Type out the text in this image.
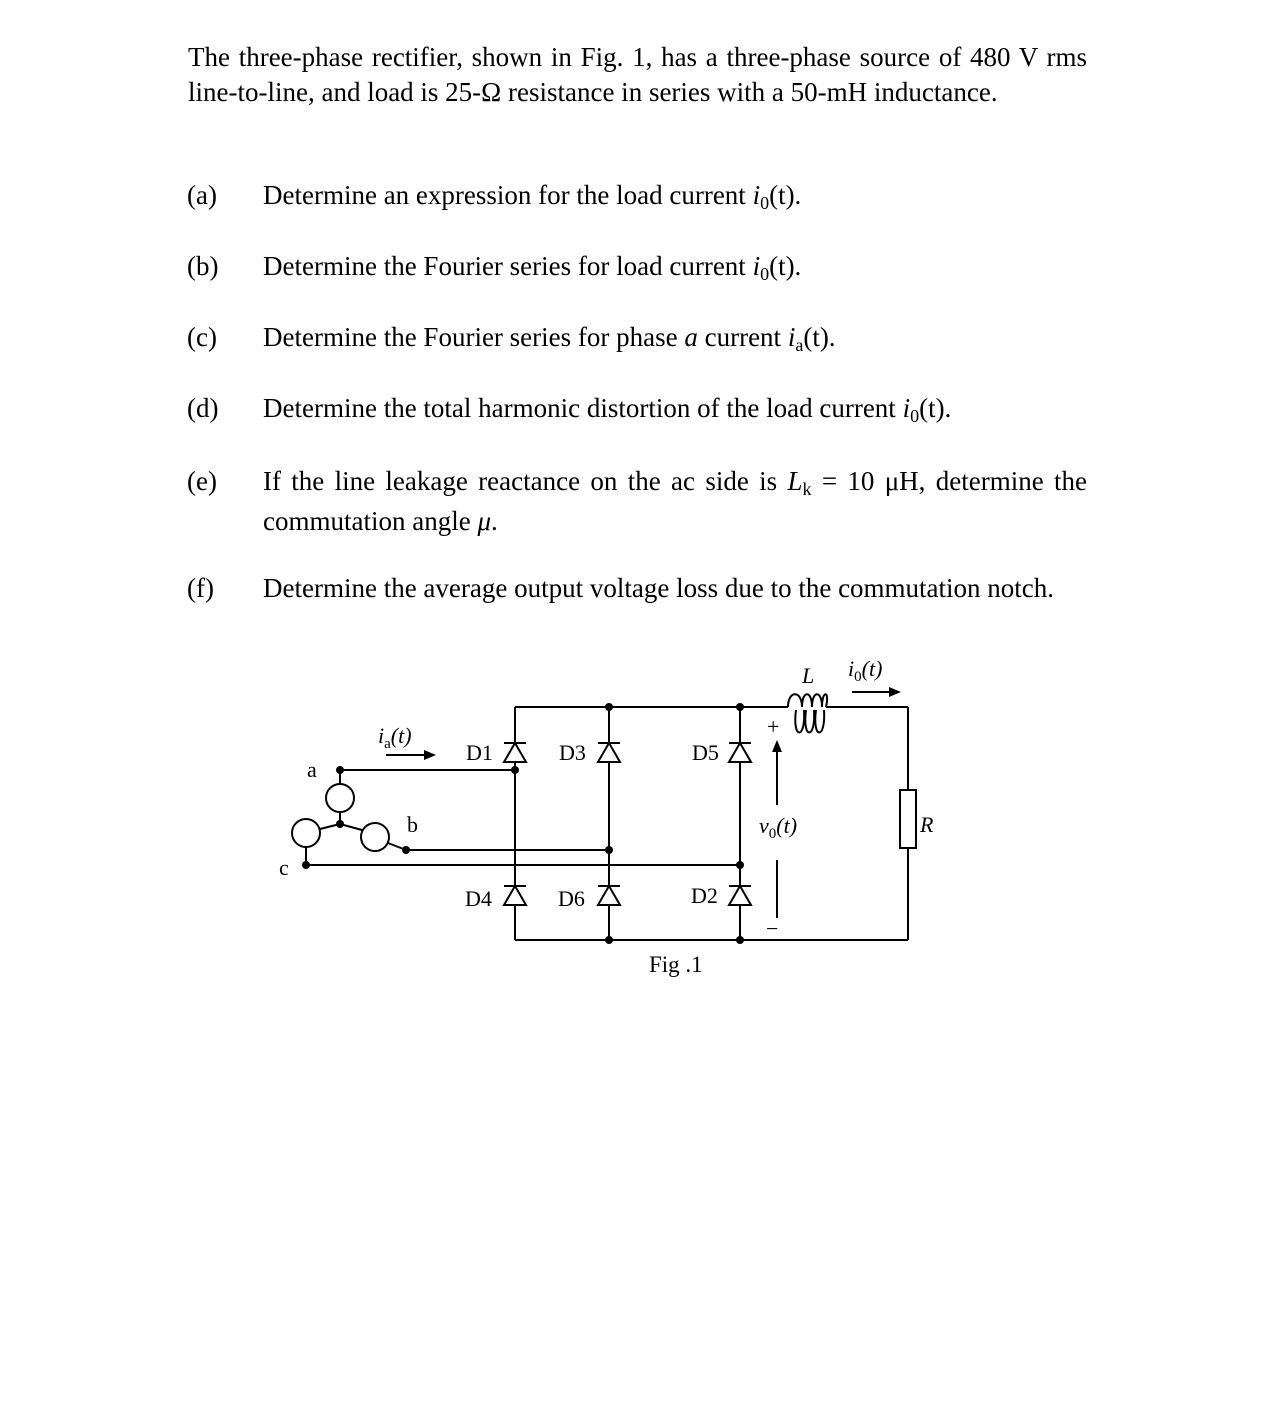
The three-phase rectifier, shown in Fig. 1, has a three-phase source of 480 V rms line-to-line, and load is 25-Ω resistance in series with a 50-mH inductance.

(a) Determine an expression for the load current $i_0(t)$.
(b) Determine the Fourier series for load current $i_0(t)$.
(c) Determine the Fourier series for phase a current $i_a(t)$.
(d) Determine the total harmonic distortion of the load current $i_0(t)$.
(e) If the line leakage reactance on the ac side is $L_k = 10$ μH, determine the commutation angle μ.
(f) Determine the average output voltage loss due to the commutation notch.
D1	D3	D5
D4	D6	D2
a
b
c
L
R
+
−
$i_a(t)$
$i_0(t)$
$v_0(t)$
Fig .1
